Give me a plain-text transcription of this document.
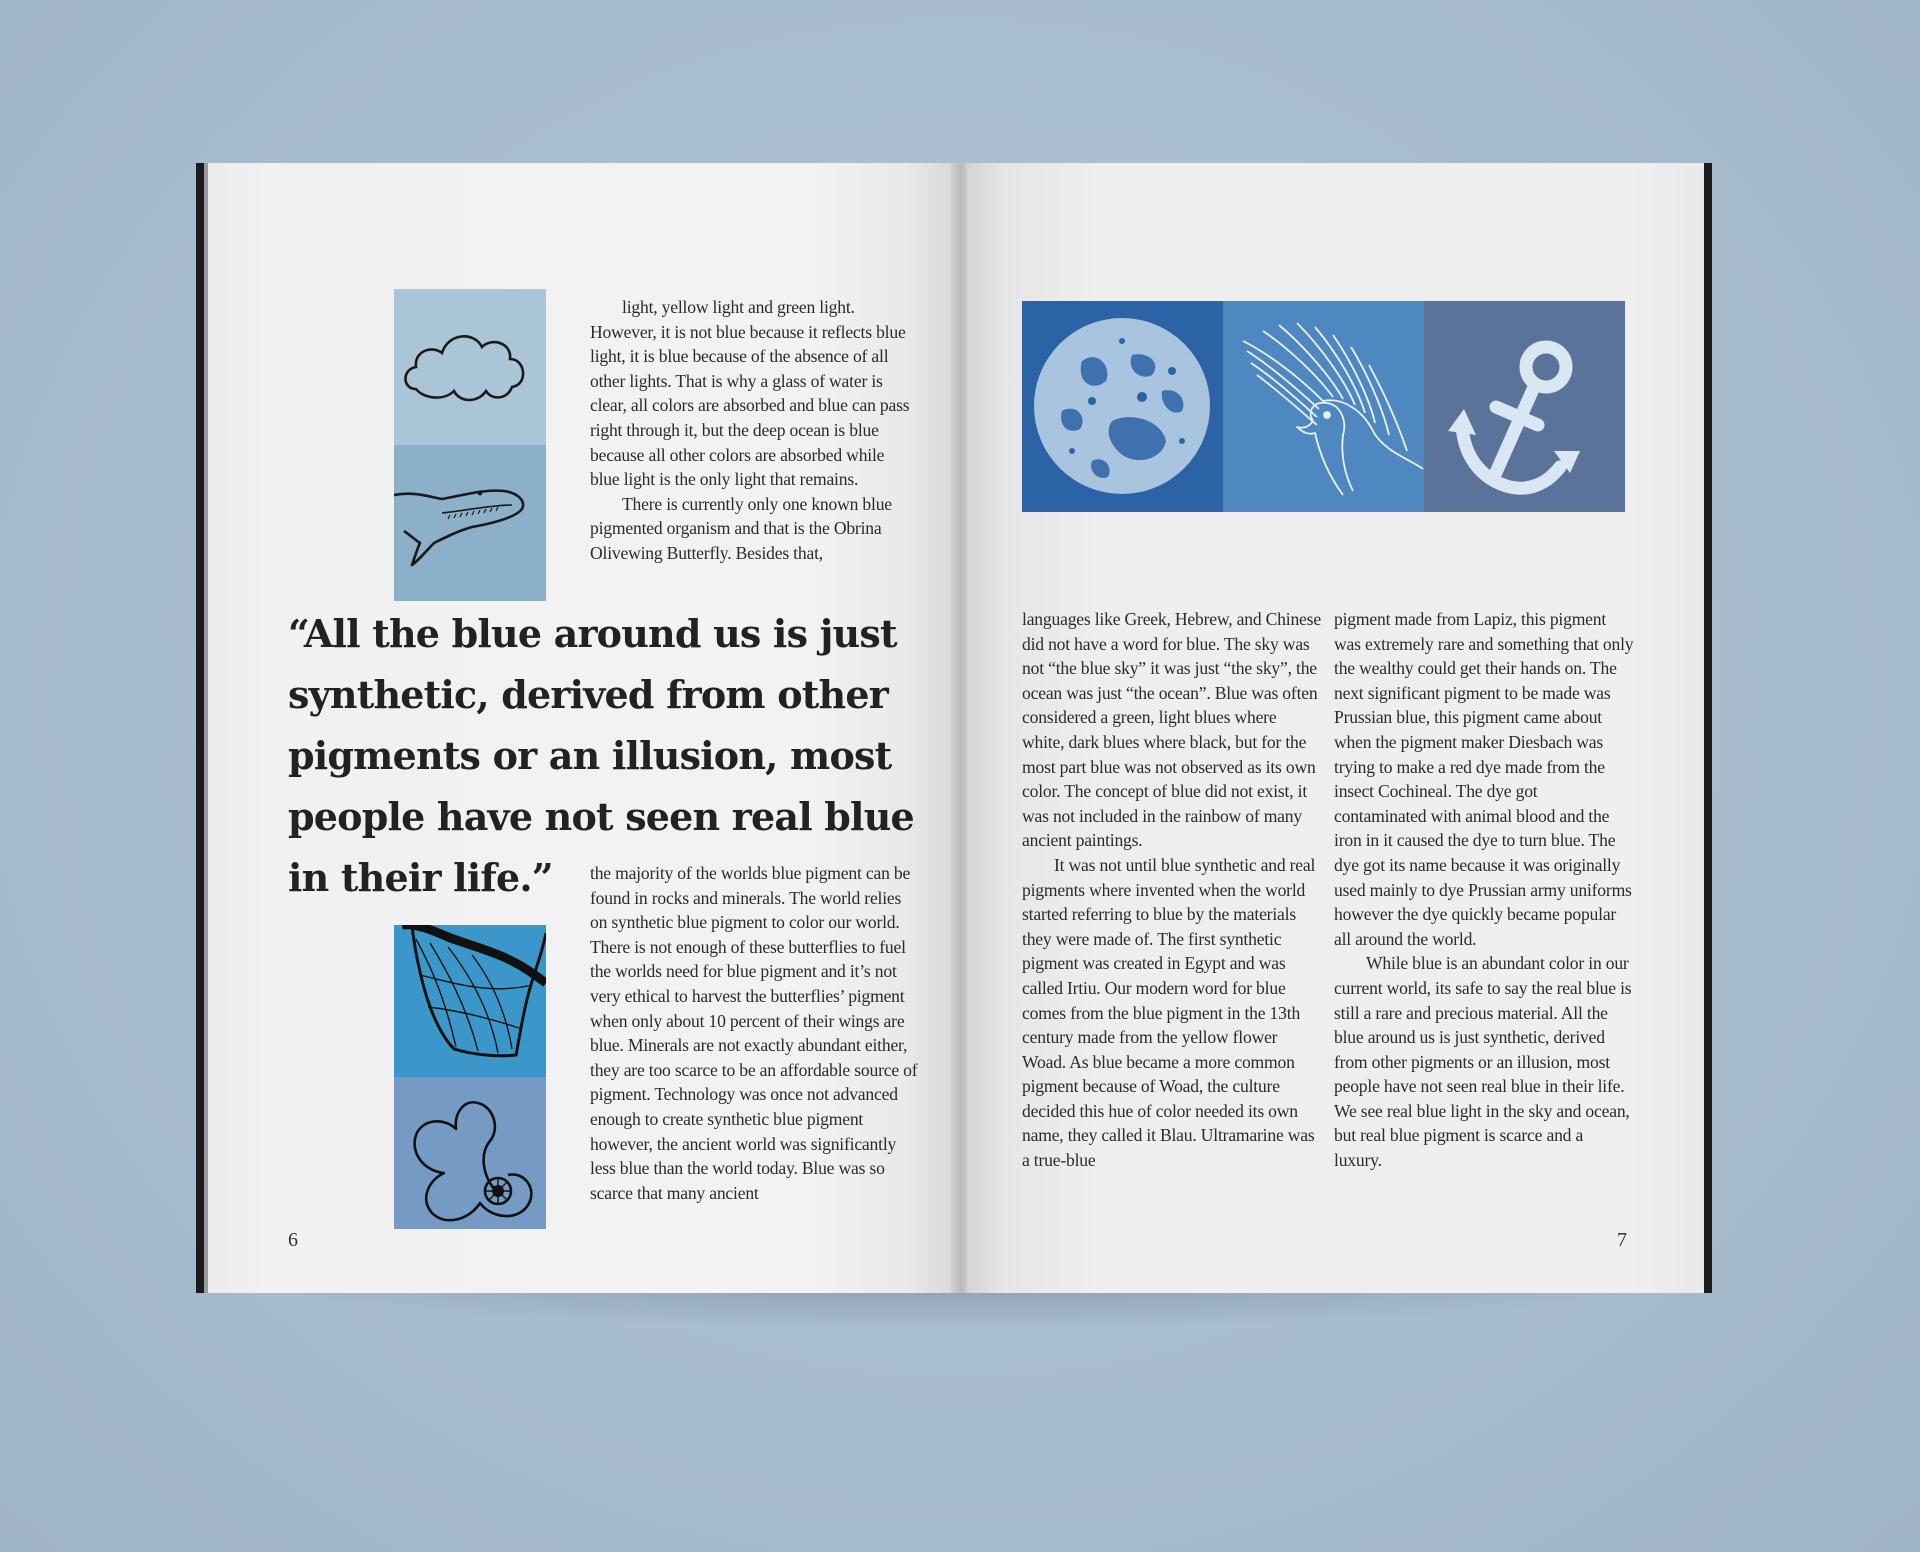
light, yellow light and green light. However, it is not blue because it reflects blue light, it is blue because of the absence of all other lights. That is why a glass of water is clear, all colors are absorbed and blue can pass right through it, but the deep ocean is blue because all other colors are absorbed while blue light is the only light that remains.

There is currently only one known blue pigmented organism and that is the Obrina Olivewing Butterfly. Besides that,

“All the blue around us is just synthetic, derived from other pigments or an illusion, most people have not seen real blue in their life.”	the majority of the worlds blue pigment can be found in rocks and minerals. The world relies on synthetic blue pigment to color our world. There is not enough of these butterflies to fuel the worlds need for blue pigment and it’s not very ethical to harvest the butterflies’ pigment when only about 10 percent of their wings are blue. Minerals are not exactly abundant either, they are too scarce to be an affordable source of pigment. Technology was once not advanced enough to create synthetic blue pigment however, the ancient world was significantly less blue than the world today. Blue was so scarce that many ancient

6

languages like Greek, Hebrew, and Chinese did not have a word for blue. The sky was not “the blue sky” it was just “the sky”, the ocean was just “the ocean”. Blue was often considered a green, light blues where white, dark blues where black, but for the most part blue was not observed as its own color. The concept of blue did not exist, it was not included in the rainbow of many ancient paintings.

It was not until blue synthetic and real pigments where invented when the world started referring to blue by the materials they were made of. The first synthetic pigment was created in Egypt and was called Irtiu. Our modern word for blue comes from the blue pigment in the 13th century made from the yellow flower Woad. As blue became a more common pigment because of Woad, the culture decided this hue of color needed its own name, they called it Blau. Ultramarine was a true-blue

pigment made from Lapiz, this pigment was extremely rare and something that only the wealthy could get their hands on. The next significant pigment to be made was Prussian blue, this pigment came about when the pigment maker Diesbach was trying to make a red dye made from the insect Cochineal. The dye got contaminated with animal blood and the iron in it caused the dye to turn blue. The dye got its name because it was originally used mainly to dye Prussian army uniforms however the dye quickly became popular all around the world.

While blue is an abundant color in our current world, its safe to say the real blue is still a rare and precious material. All the blue around us is just synthetic, derived from other pigments or an illusion, most people have not seen real blue in their life. We see real blue light in the sky and ocean, but real blue pigment is scarce and a luxury.

7
